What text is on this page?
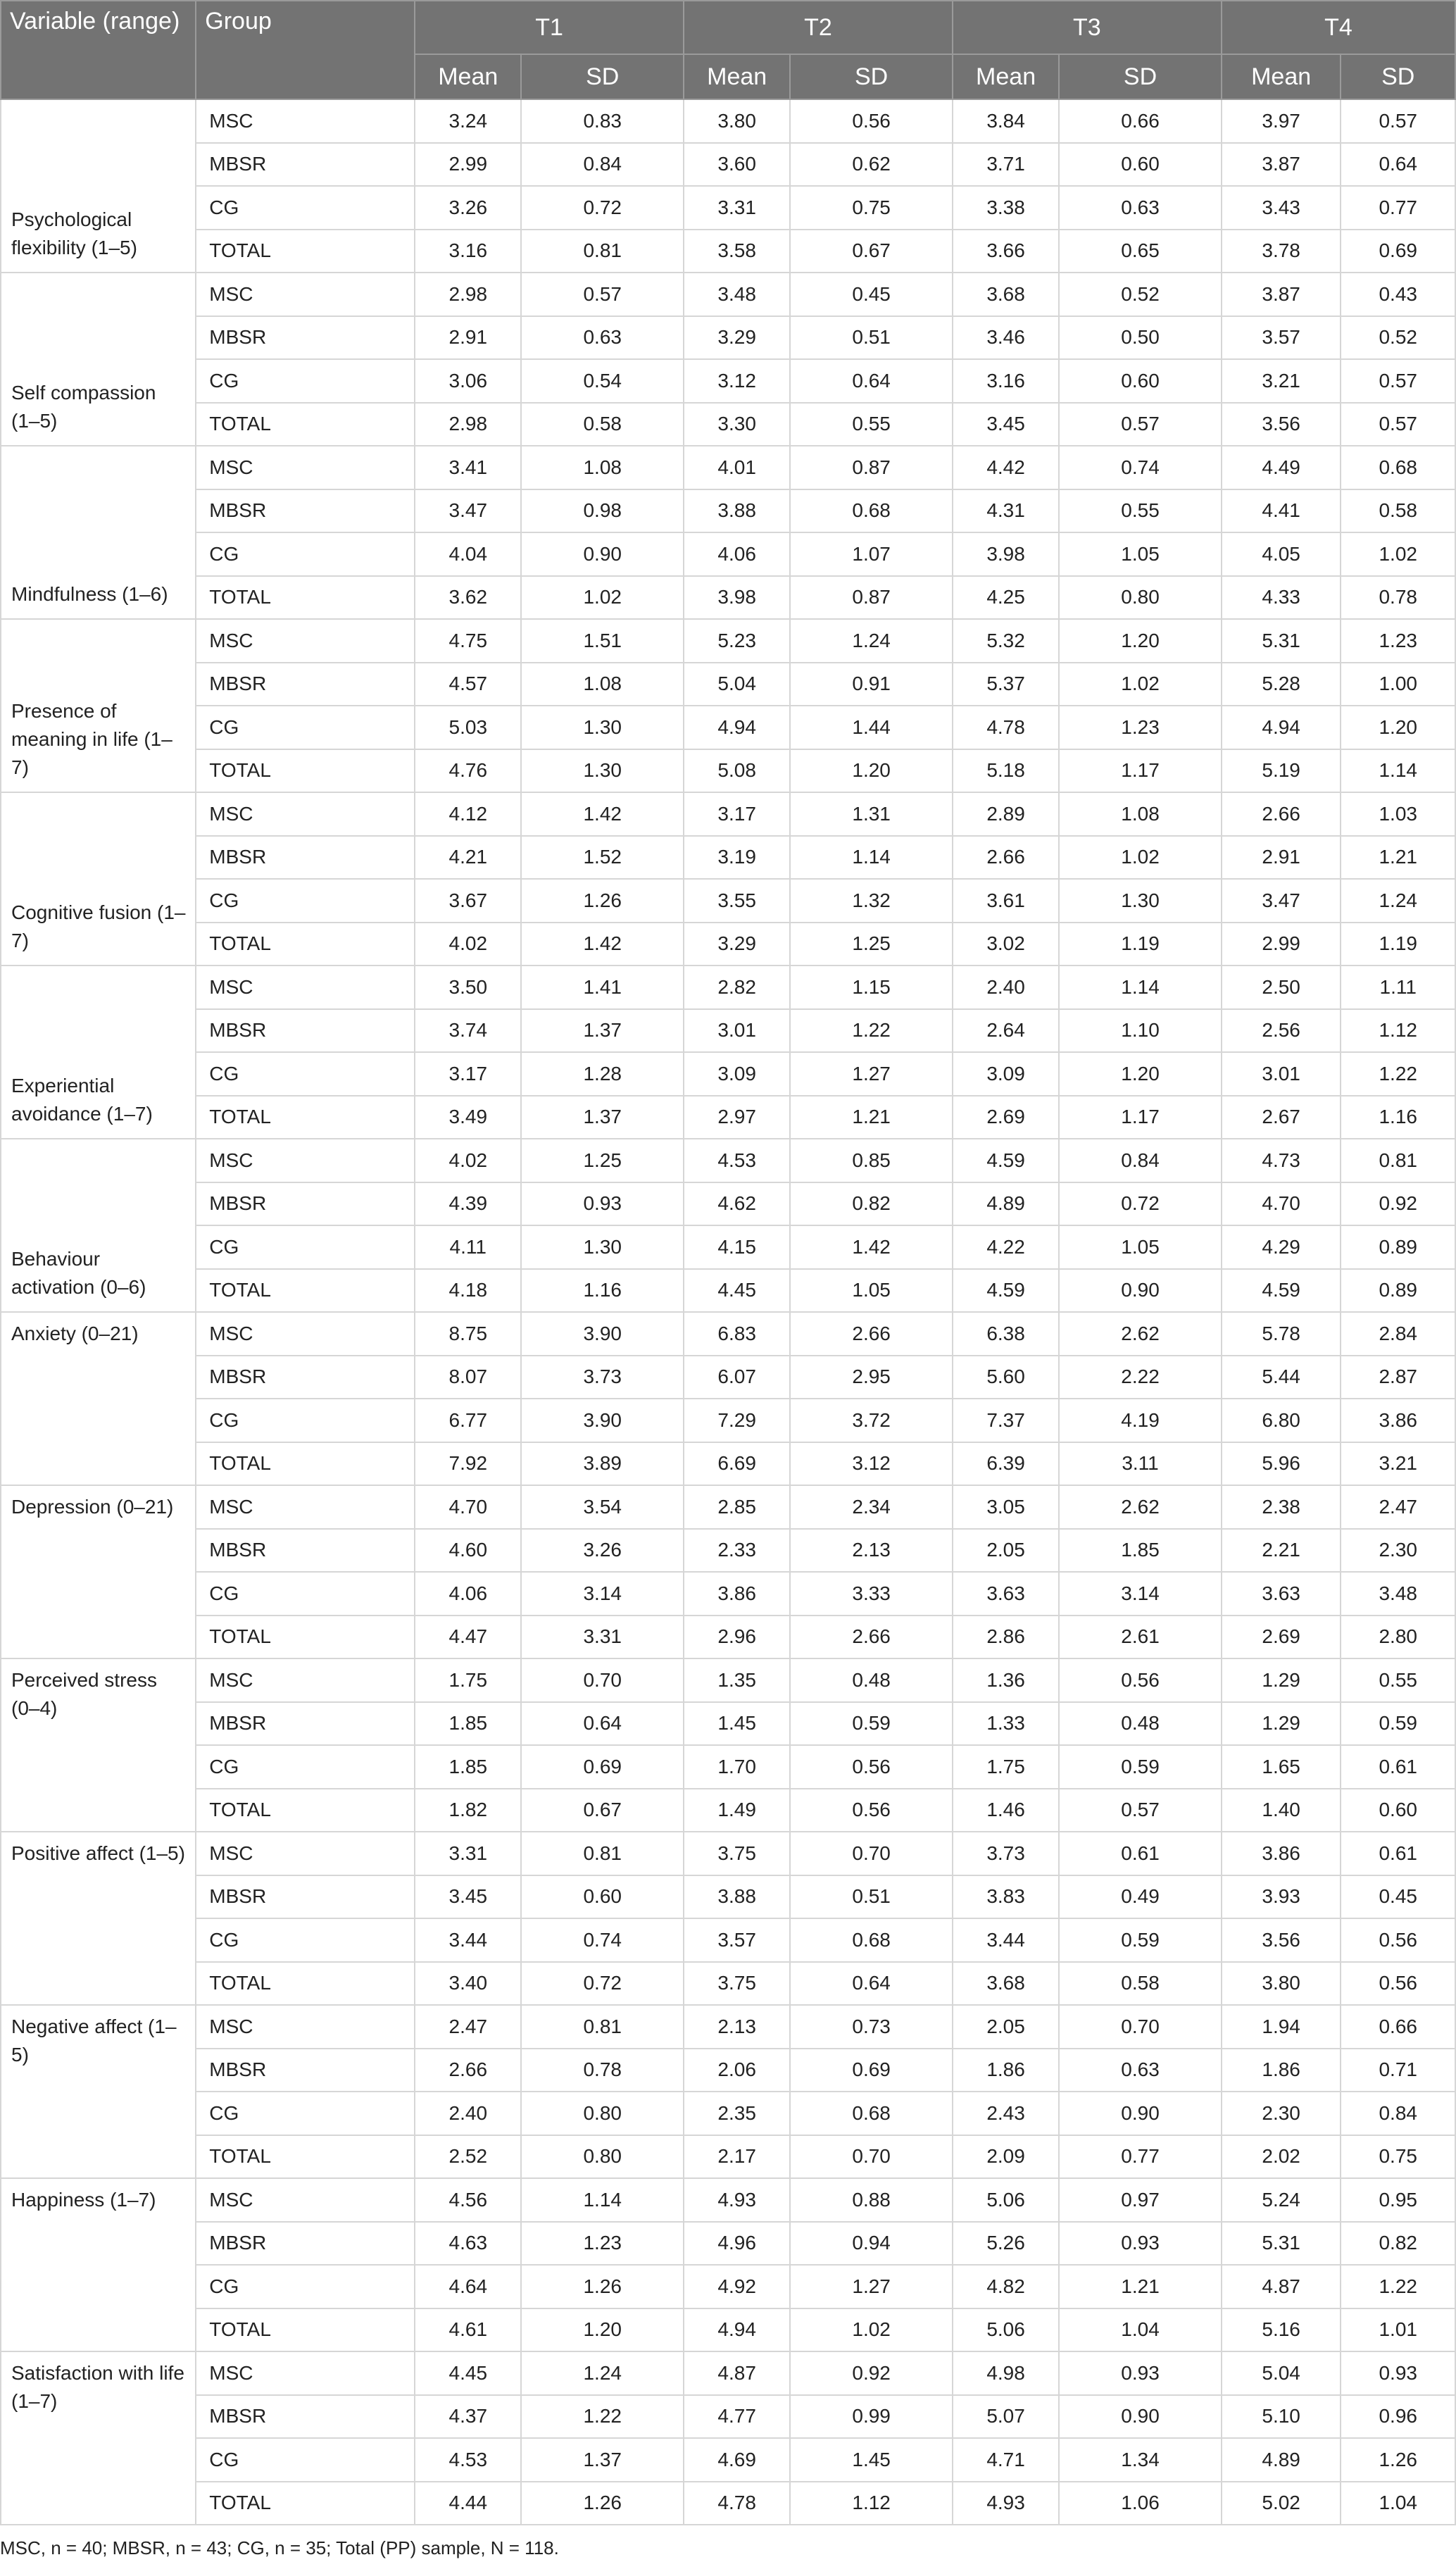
Variable (range)	Group	T1		T2		T3		T4	
		Mean	SD	Mean	SD	Mean	SD	Mean	SD
Psychological flexibility (1–5)	MSC	3.24	0.83	3.80	0.56	3.84	0.66	3.97	0.57
	MBSR	2.99	0.84	3.60	0.62	3.71	0.60	3.87	0.64
	CG	3.26	0.72	3.31	0.75	3.38	0.63	3.43	0.77
	TOTAL	3.16	0.81	3.58	0.67	3.66	0.65	3.78	0.69
Self compassion (1–5)	MSC	2.98	0.57	3.48	0.45	3.68	0.52	3.87	0.43
	MBSR	2.91	0.63	3.29	0.51	3.46	0.50	3.57	0.52
	CG	3.06	0.54	3.12	0.64	3.16	0.60	3.21	0.57
	TOTAL	2.98	0.58	3.30	0.55	3.45	0.57	3.56	0.57
Mindfulness (1–6)	MSC	3.41	1.08	4.01	0.87	4.42	0.74	4.49	0.68
	MBSR	3.47	0.98	3.88	0.68	4.31	0.55	4.41	0.58
	CG	4.04	0.90	4.06	1.07	3.98	1.05	4.05	1.02
	TOTAL	3.62	1.02	3.98	0.87	4.25	0.80	4.33	0.78
Presence of meaning in life (1–7)	MSC	4.75	1.51	5.23	1.24	5.32	1.20	5.31	1.23
	MBSR	4.57	1.08	5.04	0.91	5.37	1.02	5.28	1.00
	CG	5.03	1.30	4.94	1.44	4.78	1.23	4.94	1.20
	TOTAL	4.76	1.30	5.08	1.20	5.18	1.17	5.19	1.14
Cognitive fusion (1–7)	MSC	4.12	1.42	3.17	1.31	2.89	1.08	2.66	1.03
	MBSR	4.21	1.52	3.19	1.14	2.66	1.02	2.91	1.21
	CG	3.67	1.26	3.55	1.32	3.61	1.30	3.47	1.24
	TOTAL	4.02	1.42	3.29	1.25	3.02	1.19	2.99	1.19
Experiential avoidance (1–7)	MSC	3.50	1.41	2.82	1.15	2.40	1.14	2.50	1.11
	MBSR	3.74	1.37	3.01	1.22	2.64	1.10	2.56	1.12
	CG	3.17	1.28	3.09	1.27	3.09	1.20	3.01	1.22
	TOTAL	3.49	1.37	2.97	1.21	2.69	1.17	2.67	1.16
Behaviour activation (0–6)	MSC	4.02	1.25	4.53	0.85	4.59	0.84	4.73	0.81
	MBSR	4.39	0.93	4.62	0.82	4.89	0.72	4.70	0.92
	CG	4.11	1.30	4.15	1.42	4.22	1.05	4.29	0.89
	TOTAL	4.18	1.16	4.45	1.05	4.59	0.90	4.59	0.89
Anxiety (0–21)	MSC	8.75	3.90	6.83	2.66	6.38	2.62	5.78	2.84
	MBSR	8.07	3.73	6.07	2.95	5.60	2.22	5.44	2.87
	CG	6.77	3.90	7.29	3.72	7.37	4.19	6.80	3.86
	TOTAL	7.92	3.89	6.69	3.12	6.39	3.11	5.96	3.21
Depression (0–21)	MSC	4.70	3.54	2.85	2.34	3.05	2.62	2.38	2.47
	MBSR	4.60	3.26	2.33	2.13	2.05	1.85	2.21	2.30
	CG	4.06	3.14	3.86	3.33	3.63	3.14	3.63	3.48
	TOTAL	4.47	3.31	2.96	2.66	2.86	2.61	2.69	2.80
Perceived stress (0–4)	MSC	1.75	0.70	1.35	0.48	1.36	0.56	1.29	0.55
	MBSR	1.85	0.64	1.45	0.59	1.33	0.48	1.29	0.59
	CG	1.85	0.69	1.70	0.56	1.75	0.59	1.65	0.61
	TOTAL	1.82	0.67	1.49	0.56	1.46	0.57	1.40	0.60
Positive affect (1–5)	MSC	3.31	0.81	3.75	0.70	3.73	0.61	3.86	0.61
	MBSR	3.45	0.60	3.88	0.51	3.83	0.49	3.93	0.45
	CG	3.44	0.74	3.57	0.68	3.44	0.59	3.56	0.56
	TOTAL	3.40	0.72	3.75	0.64	3.68	0.58	3.80	0.56
Negative affect (1–5)	MSC	2.47	0.81	2.13	0.73	2.05	0.70	1.94	0.66
	MBSR	2.66	0.78	2.06	0.69	1.86	0.63	1.86	0.71
	CG	2.40	0.80	2.35	0.68	2.43	0.90	2.30	0.84
	TOTAL	2.52	0.80	2.17	0.70	2.09	0.77	2.02	0.75
Happiness (1–7)	MSC	4.56	1.14	4.93	0.88	5.06	0.97	5.24	0.95
	MBSR	4.63	1.23	4.96	0.94	5.26	0.93	5.31	0.82
	CG	4.64	1.26	4.92	1.27	4.82	1.21	4.87	1.22
	TOTAL	4.61	1.20	4.94	1.02	5.06	1.04	5.16	1.01
Satisfaction with life (1–7)	MSC	4.45	1.24	4.87	0.92	4.98	0.93	5.04	0.93
	MBSR	4.37	1.22	4.77	0.99	5.07	0.90	5.10	0.96
	CG	4.53	1.37	4.69	1.45	4.71	1.34	4.89	1.26
	TOTAL	4.44	1.26	4.78	1.12	4.93	1.06	5.02	1.04
MSC, n = 40; MBSR, n = 43; CG, n = 35; Total (PP) sample, N = 118.
